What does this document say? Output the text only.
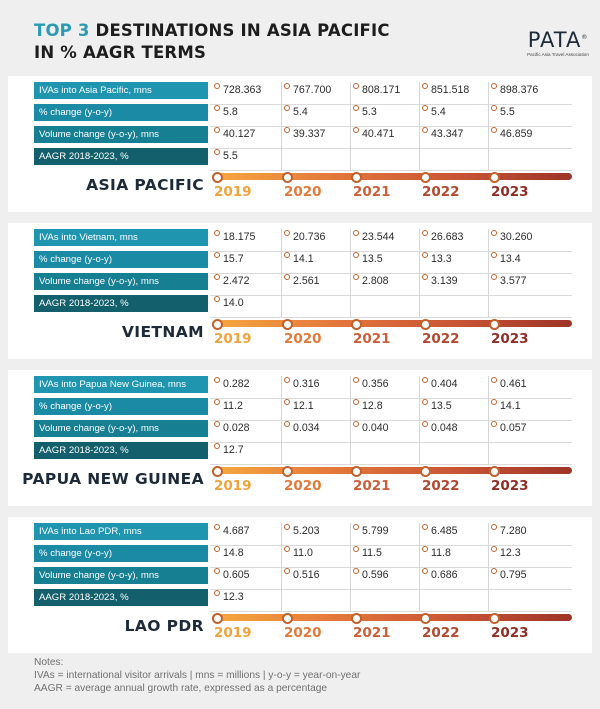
TOP 3 DESTINATIONS IN ASIA PACIFIC
IN % AAGR TERMS
PATA®
Pacific Asia Travel Association
IVAs into Asia Pacific, mns	728.363	767.700	808.171	851.518	898.376
% change (y-o-y)	5.8	5.4	5.3	5.4	5.5
Volume change (y-o-y), mns	40.127	39.337	40.471	43.347	46.859
AAGR 2018-2023, %	5.5
ASIA PACIFIC 2019 2020 2021 2022 2023
IVAs into Vietnam, mns	18.175	20.736	23.544	26.683	30.260
% change (y-o-y)	15.7	14.1	13.5	13.3	13.4
Volume change (y-o-y), mns	2.472	2.561	2.808	3.139	3.577
AAGR 2018-2023, %	14.0
VIETNAM 2019 2020 2021 2022 2023
IVAs into Papua New Guinea, mns	0.282	0.316	0.356	0.404	0.461
% change (y-o-y)	11.2	12.1	12.8	13.5	14.1
Volume change (y-o-y), mns	0.028	0.034	0.040	0.048	0.057
AAGR 2018-2023, %	12.7
PAPUA NEW GUINEA 2019 2020 2021 2022 2023
IVAs into Lao PDR, mns	4.687	5.203	5.799	6.485	7.280
% change (y-o-y)	14.8	11.0	11.5	11.8	12.3
Volume change (y-o-y), mns	0.605	0.516	0.596	0.686	0.795
AAGR 2018-2023, %	12.3
LAO PDR 2019 2020 2021 2022 2023
Notes:
IVAs = international visitor arrivals | mns = millions | y-o-y = year-on-year
AAGR = average annual growth rate, expressed as a percentage
